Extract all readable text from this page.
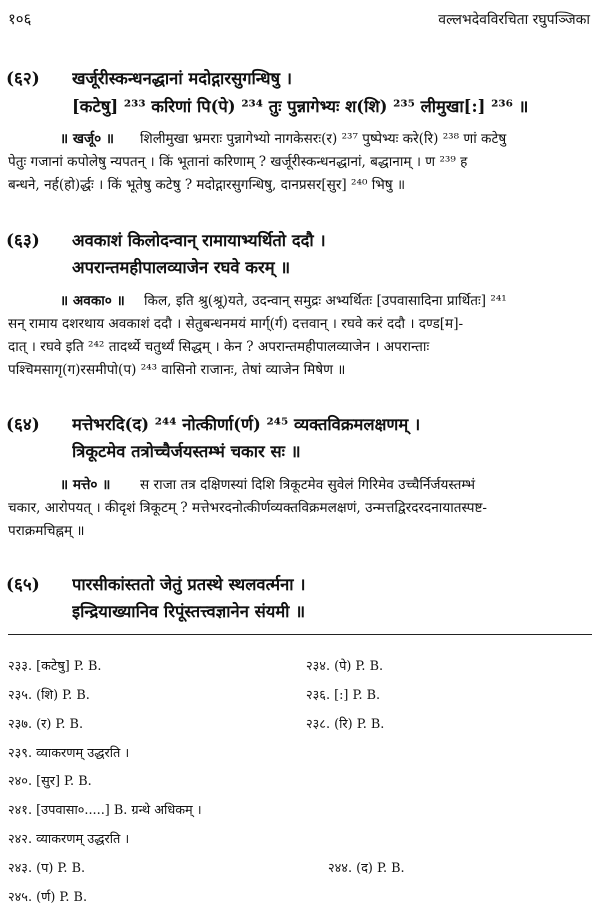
१०६	वल्लभदेवविरचिता रघुपञ्जिका
(६२) खर्जूरीस्कन्धनद्धानां मदोद्गारसुगन्धिषु ।
[कटेषु] ²³³ करिणां पि(पे) ²³⁴ तुः पुन्नागेभ्यः श(शि) ²³⁵ लीमुखा[:] ²³⁶ ॥
॥ खर्जू० ॥	शिलीमुखा भ्रमराः पुन्नागेभ्यो नागकेसरः(र) ²³⁷ पुष्पेभ्यः करे(रि) ²³⁸ णां कटेषु
पेतुः गजानां कपोलेषु न्यपतन् । किं भूतानां करिणाम् ? खर्जूरीस्कन्धनद्धानां, बद्धानाम् । ण ²³⁹ ह
बन्धने, नर्ह(हो)र्द्धः । किं भूतेषु कटेषु ? मदोद्गारसुगन्धिषु, दानप्रसर[सुर] ²⁴⁰ भिषु ॥
(६३) अवकाशं किलोदन्वान् रामायाभ्यर्थितो ददौ ।
अपरान्तमहीपालव्याजेन रघवे करम् ॥
॥ अवका० ॥	किल, इति श्रु(श्रू)यते, उदन्वान् समुद्रः अभ्यर्थितः [उपवासादिना प्रार्थितः] ²⁴¹
सन् रामाय दशरथाय अवकाशं ददौ । सेतुबन्धनमयं मार्ग्(र्ग) दत्तवान् । रघवे करं ददौ । दण्ड[म]-
दात् । रघवे इति ²⁴² तादर्थ्ये चतुर्थ्यं सिद्धम् । केन ? अपरान्तमहीपालव्याजेन । अपरान्ताः
पश्चिमसागृ(ग)रसमीपो(प) ²⁴³ वासिनो राजानः, तेषां व्याजेन मिषेण ॥
(६४) मत्तेभरदि(द) ²⁴⁴ नोत्कीर्णा(र्ण) ²⁴⁵ व्यक्तविक्रमलक्षणम् ।
त्रिकूटमेव तत्रोच्चैर्जयस्तम्भं चकार सः ॥
॥ मत्ते० ॥	स राजा तत्र दक्षिणस्यां दिशि त्रिकूटमेव सुवेलं गिरिमेव उच्चैर्निर्जयस्तम्भं
चकार, आरोपयत् । कीदृशं त्रिकूटम् ? मत्तेभरदनोत्कीर्णव्यक्तविक्रमलक्षणं, उन्मत्तद्विरदरदनायातस्पष्ट-
पराक्रमचिह्नम् ॥
(६५) पारसीकांस्ततो जेतुं प्रतस्थे स्थलवर्त्मना ।
इन्द्रियाख्यानिव रिपूंस्तत्त्वज्ञानेन संयमी ॥
२३३. [कटेषु] P. B.	२३४. (पे) P. B.
२३५. (शि) P. B.	२३६. [:] P. B.
२३७. (र) P. B.	२३८. (रि) P. B.
२३९. व्याकरणम् उद्धरति ।
२४०. [सुर] P. B.
२४१. [उपवासा०.....] B. ग्रन्थे अधिकम् ।
२४२. व्याकरणम् उद्धरति ।
२४३. (प) P. B.	२४४. (द) P. B.
२४५. (र्ण) P. B.
